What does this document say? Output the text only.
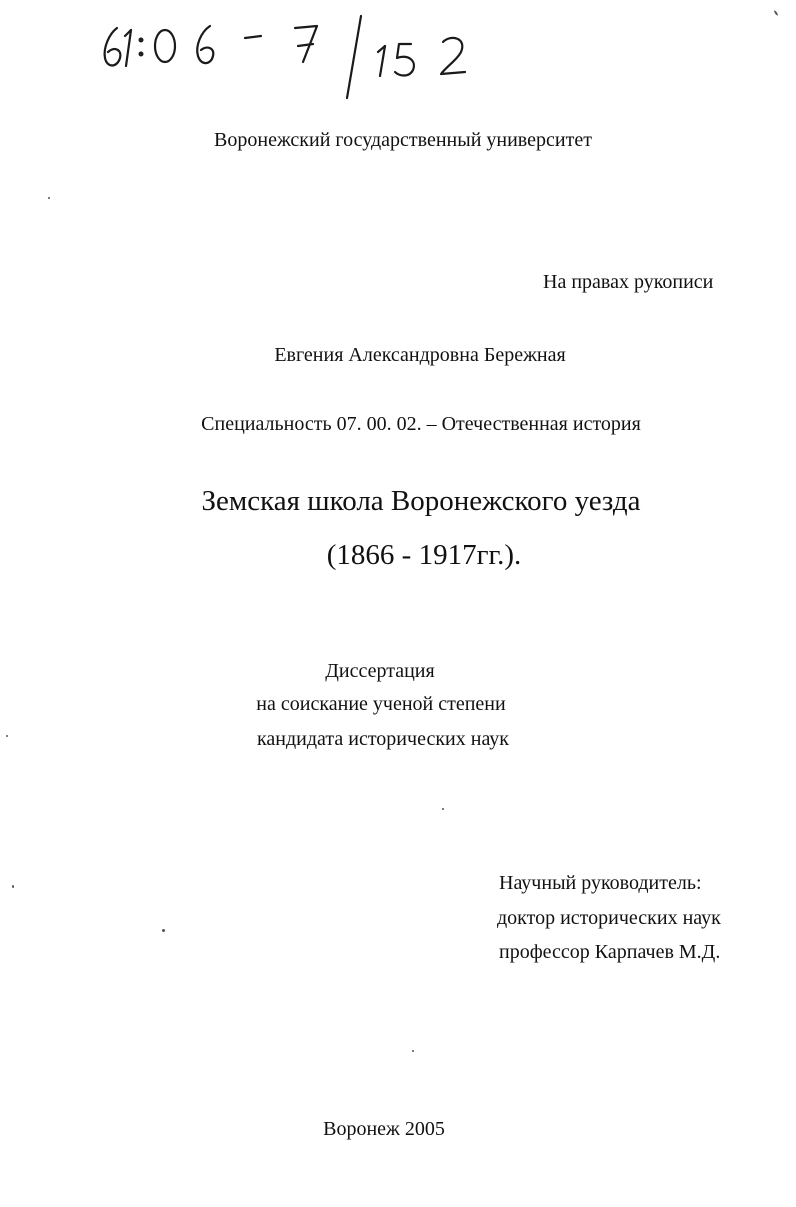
Воронежский государственный университет
На правах рукописи
Евгения Александровна Бережная
Специальность 07. 00. 02. – Отечественная история
Земская школа Воронежского уезда
(1866 - 1917гг.).
Диссертация
на соискание ученой степени
кандидата исторических наук
Научный руководитель:
доктор исторических наук
профессор Карпачев М.Д.
Воронеж 2005
